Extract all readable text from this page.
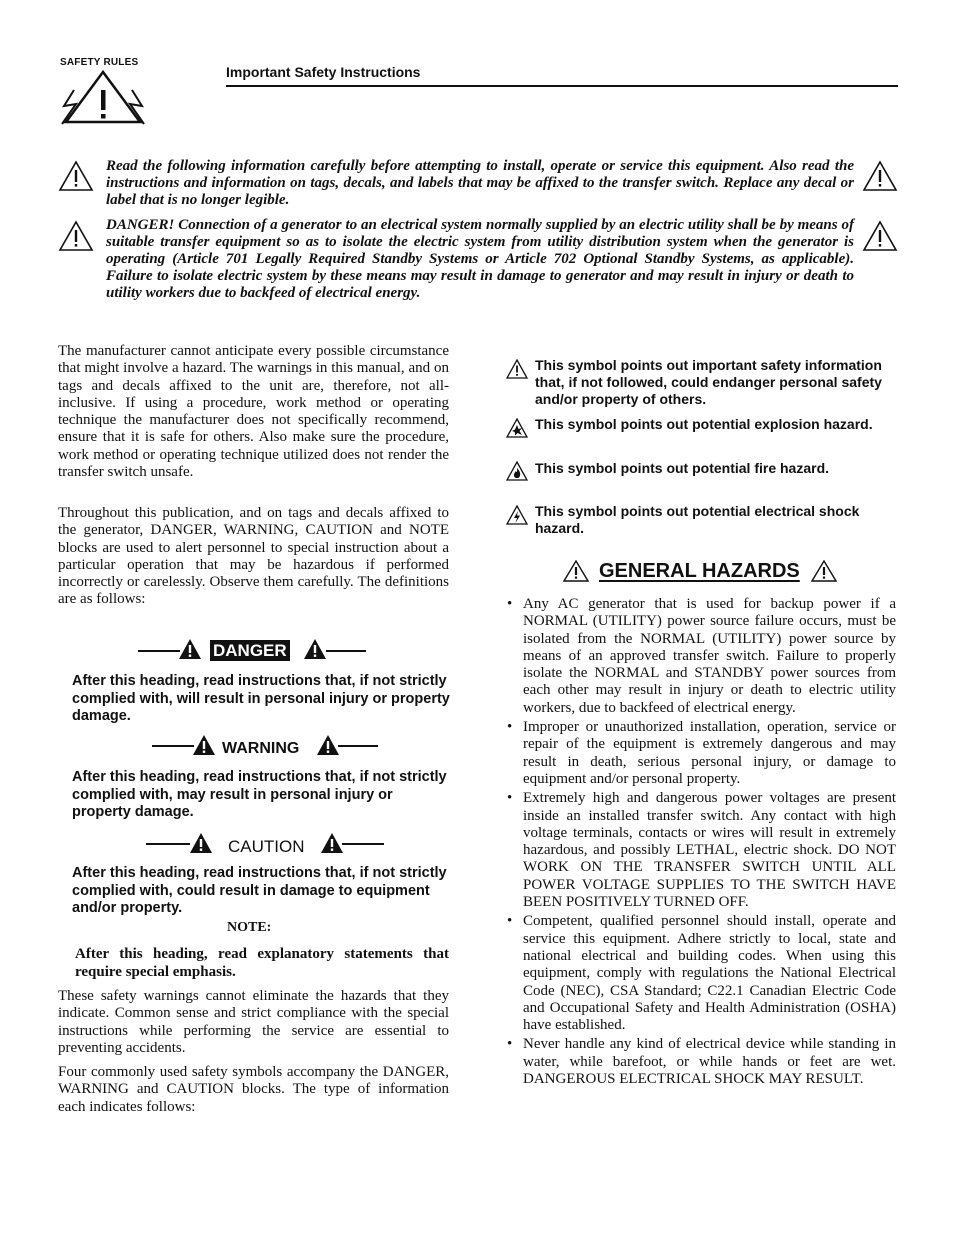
SAFETY RULES
Important Safety Instructions
Read the following information carefully before attempting to install, operate or service this equipment. Also read the instructions and information on tags, decals, and labels that may be affixed to the transfer switch. Replace any decal or label that is no longer legible.
DANGER! Connection of a generator to an electrical system normally supplied by an electric utility shall be by means of suitable transfer equipment so as to isolate the electric system from utility distribution system when the generator is operating (Article 701 Legally Required Standby Systems or Article 702 Optional Standby Systems, as applicable). Failure to isolate electric system by these means may result in damage to generator and may result in injury or death to utility workers due to backfeed of electrical energy.
The manufacturer cannot anticipate every possible circumstance that might involve a hazard. The warnings in this manual, and on tags and decals affixed to the unit are, therefore, not all-inclusive. If using a procedure, work method or operating technique the manufacturer does not specifically recommend, ensure that it is safe for others. Also make sure the procedure, work method or operating technique utilized does not render the transfer switch unsafe.
Throughout this publication, and on tags and decals affixed to the generator, DANGER, WARNING, CAUTION and NOTE blocks are used to alert personnel to special instruction about a particular operation that may be hazardous if performed incorrectly or carelessly. Observe them carefully. The definitions are as follows:
DANGER
After this heading, read instructions that, if not strictly complied with, will result in personal injury or property damage.
WARNING
After this heading, read instructions that, if not strictly complied with, may result in personal injury or property damage.
CAUTION
After this heading, read instructions that, if not strictly complied with, could result in damage to equipment and/or property.
NOTE:
After this heading, read explanatory statements that require special emphasis.
These safety warnings cannot eliminate the hazards that they indicate. Common sense and strict compliance with the special instructions while performing the service are essential to preventing accidents.
Four commonly used safety symbols accompany the DANGER, WARNING and CAUTION blocks. The type of information each indicates follows:
This symbol points out important safety information that, if not followed, could endanger personal safety and/or property of others.
This symbol points out potential explosion hazard.
This symbol points out potential fire hazard.
This symbol points out potential electrical shock hazard.
GENERAL HAZARDS
• Any AC generator that is used for backup power if a NORMAL (UTILITY) power source failure occurs, must be isolated from the NORMAL (UTILITY) power source by means of an approved transfer switch. Failure to properly isolate the NORMAL and STANDBY power sources from each other may result in injury or death to electric utility workers, due to backfeed of electrical energy.
• Improper or unauthorized installation, operation, service or repair of the equipment is extremely dangerous and may result in death, serious personal injury, or damage to equipment and/or personal property.
• Extremely high and dangerous power voltages are present inside an installed transfer switch. Any contact with high voltage terminals, contacts or wires will result in extremely hazardous, and possibly LETHAL, electric shock. DO NOT WORK ON THE TRANSFER SWITCH UNTIL ALL POWER VOLTAGE SUPPLIES TO THE SWITCH HAVE BEEN POSITIVELY TURNED OFF.
• Competent, qualified personnel should install, operate and service this equipment. Adhere strictly to local, state and national electrical and building codes. When using this equipment, comply with regulations the National Electrical Code (NEC), CSA Standard; C22.1 Canadian Electric Code and Occupational Safety and Health Administration (OSHA) have established.
• Never handle any kind of electrical device while standing in water, while barefoot, or while hands or feet are wet. DANGEROUS ELECTRICAL SHOCK MAY RESULT.
